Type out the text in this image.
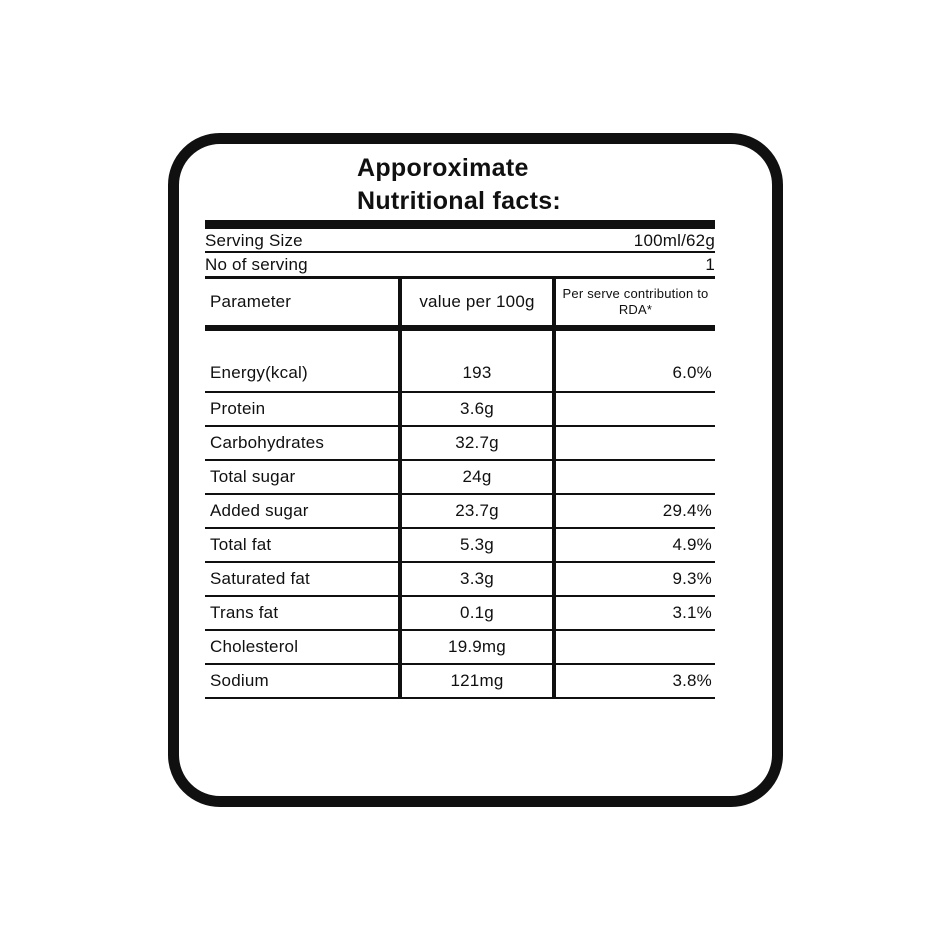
Apporoximate
Nutritional facts:
Serving Size	100ml/62g
No of serving	1
Parameter	value per 100g	Per serve contribution to RDA*
Energy(kcal)	193	6.0%
Protein	3.6g	
Carbohydrates	32.7g	
Total sugar	24g	
Added sugar	23.7g	29.4%
Total fat	5.3g	4.9%
Saturated fat	3.3g	9.3%
Trans fat	0.1g	3.1%
Cholesterol	19.9mg	
Sodium	121mg	3.8%
